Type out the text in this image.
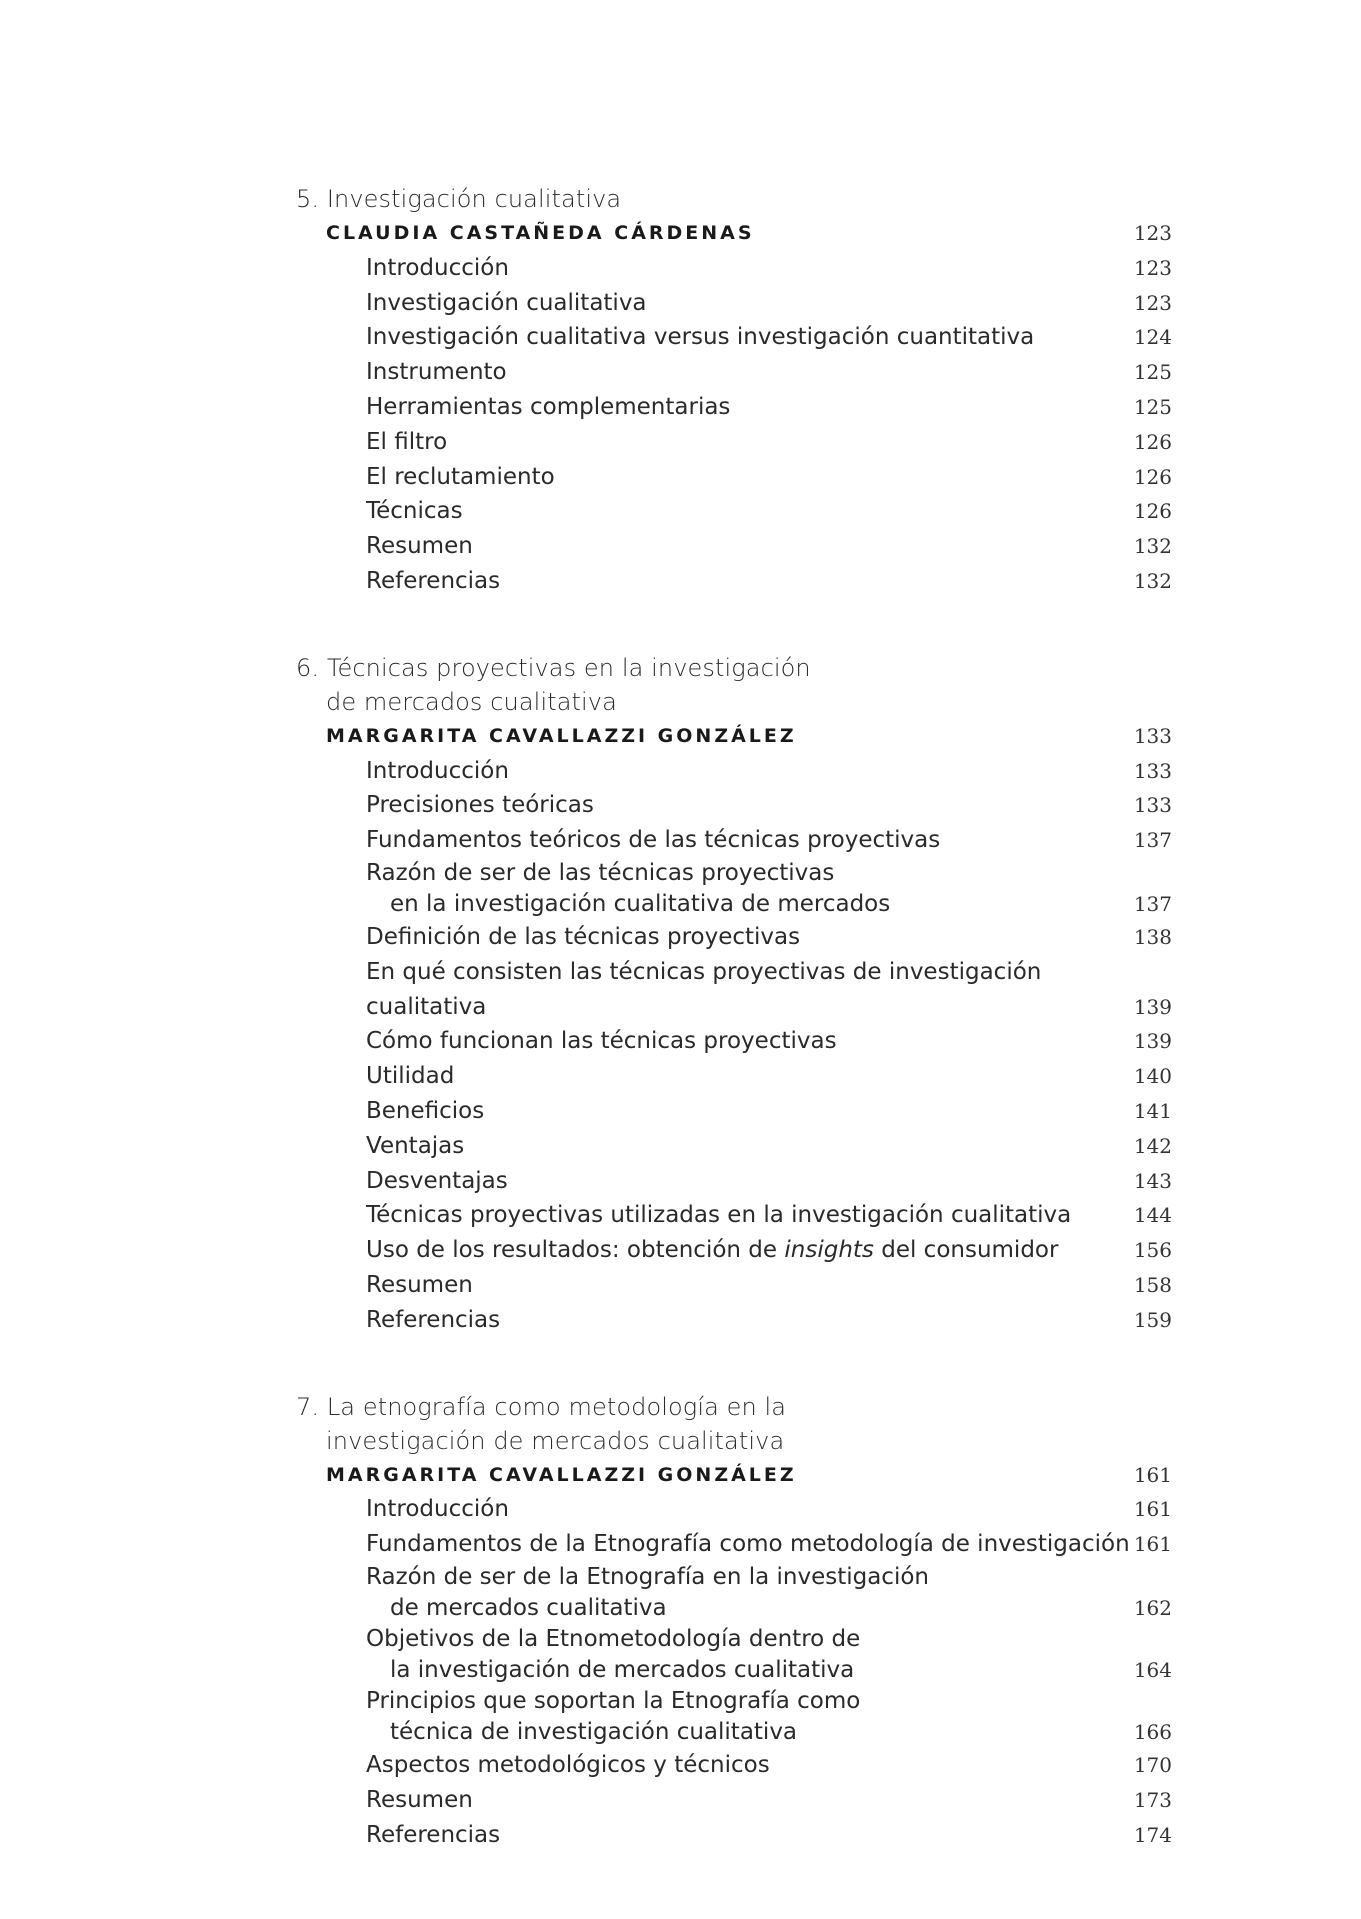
5. Investigación cualitativa
CLAUDIA CASTAÑEDA CÁRDENAS	123
Introducción	123
Investigación cualitativa	123
Investigación cualitativa versus investigación cuantitativa	124
Instrumento	125
Herramientas complementarias	125
El filtro	126
El reclutamiento	126
Técnicas	126
Resumen	132
Referencias	132
6. Técnicas proyectivas en la investigación
de mercados cualitativa
MARGARITA CAVALLAZZI GONZÁLEZ	133
Introducción	133
Precisiones teóricas	133
Fundamentos teóricos de las técnicas proyectivas	137
Razón de ser de las técnicas proyectivas
en la investigación cualitativa de mercados	137
Definición de las técnicas proyectivas	138
En qué consisten las técnicas proyectivas de investigación cualitativa	139
Cómo funcionan las técnicas proyectivas	139
Utilidad	140
Beneficios	141
Ventajas	142
Desventajas	143
Técnicas proyectivas utilizadas en la investigación cualitativa	144
Uso de los resultados: obtención de insights del consumidor	156
Resumen	158
Referencias	159
7. La etnografía como metodología en la
investigación de mercados cualitativa
MARGARITA CAVALLAZZI GONZÁLEZ	161
Introducción	161
Fundamentos de la Etnografía como metodología de investigación 161
Razón de ser de la Etnografía en la investigación
de mercados cualitativa	162
Objetivos de la Etnometodología dentro de
la investigación de mercados cualitativa	164
Principios que soportan la Etnografía como
técnica de investigación cualitativa	166
Aspectos metodológicos y técnicos	170
Resumen	173
Referencias	174
